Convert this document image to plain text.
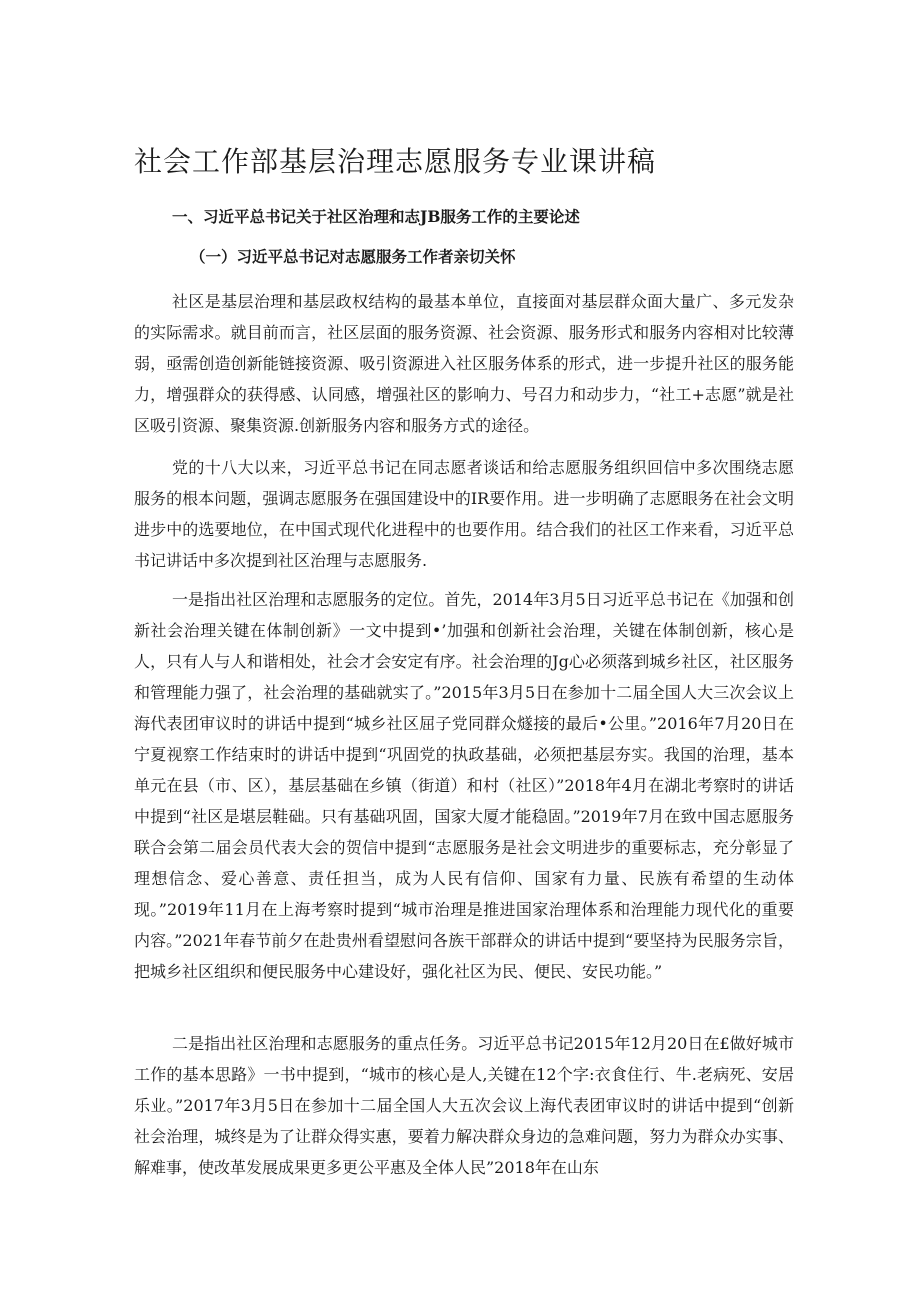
社会工作部基层治理志愿服务专业课讲稿
一、习近平总书记关于社区治理和志JB服务工作的主要论述
（一）习近平总书记对志愿服务工作者亲切关怀

社区是基层治理和基层政权结构的最基本单位，直接面对基层群众面大量广、多元发杂的实际需求。就目前而言，社区层面的服务资源、社会资源、服务形式和服务内容相对比较薄弱，亟需创造创新能链接资源、吸引资源进入社区服务体系的形式，进一步提升社区的服务能力，增强群众的获得感、认同感，增强社区的影响力、号召力和动步力，“社工+志愿”就是社区吸引资源、聚集资源.创新服务内容和服务方式的途径。

党的十八大以来，习近平总书记在同志愿者谈话和给志愿服务组织回信中多次围绕志愿服务的根本问题，强调志愿服务在强国建设中的IR要作用。进一步明确了志愿眼务在社会文明进步中的选要地位，在中国式现代化进程中的也要作用。结合我们的社区工作来看，习近平总书记讲话中多次提到社区治理与志愿服务.

一是指出社区治理和志愿服务的定位。首先，2014年3月5日习近平总书记在《加强和创新社会治理关键在体制创新》一文中提到•’加强和创新社会治理，关键在体制创新，核心是人，只有人与人和谐相处，社会才会安定有序。社会治理的Jg心必须落到城乡社区，社区服务和管理能力强了，社会治理的基础就实了。”2015年3月5日在参加十二届全国人大三次会议上海代表团审议时的讲话中提到“城乡社区屈子党同群众燧接的最后•公里。”2016年7月20日在宁夏视察工作结束时的讲话中提到“巩固党的执政基础，必须把基层夯实。我国的治理，基本单元在县（市、区），基层基础在乡镇（街道）和村（社区）”2018年4月在湖北考察时的讲话中提到“社区是堪层鞋础。只有基础巩固，国家大厦才能稳固。”2019年7月在致中国志愿服务联合会第二届会员代表大会的贺信中提到“志愿服务是社会文明进步的重要标志，充分彰显了理想信念、爱心善意、责任担当，成为人民有信仰、国家有力量、民族有希望的生动体现。”2019年11月在上海考察时提到“城市治理是推进国家治理体系和治理能力现代化的重要内容。”2021年春节前夕在赴贵州看望慰问各族干部群众的讲话中提到“要坚持为民服务宗旨，把城乡社区组织和便民服务中心建设好，强化社区为民、便民、安民功能。”

二是指出社区治理和志愿服务的重点任务。习近平总书记2015年12月20日在£做好城市工作的基本思路》一书中提到，“城市的核心是人,关键在12个字:衣食住行、牛.老病死、安居乐业。”2017年3月5日在参加十二届全国人大五次会议上海代表团审议时的讲话中提到“创新社会治理，城终是为了让群众得实惠，要着力解决群众身边的急难问题，努力为群众办实事、解难事，使改革发展成果更多更公平惠及全体人民”2018年在山东
